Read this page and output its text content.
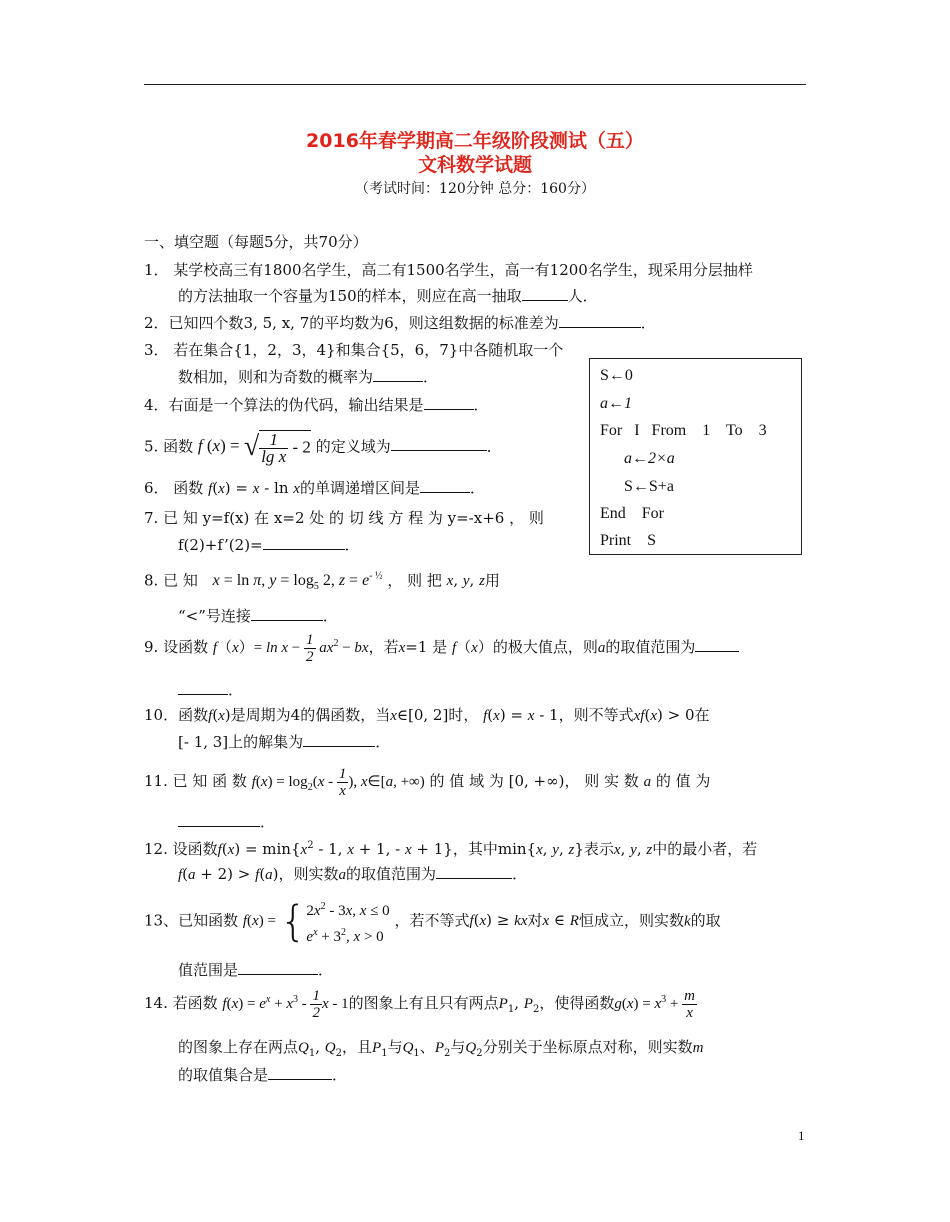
2016年春学期高二年级阶段测试（五）
文科数学试题
（考试时间：120分钟 总分：160分）
一、填空题（每题5分，共70分）
1． 某学校高三有1800名学生，高二有1500名学生，高一有1200名学生，现采用分层抽样
的方法抽取一个容量为150的样本，则应在高一抽取	人．
2．已知四个数3, 5, x, 7的平均数为6，则这组数据的标准差为	．
3． 若在集合{1，2，3，4}和集合{5，6，7}中各随机取一个
数相加，则和为奇数的概率为	．
4．右面是一个算法的伪代码，输出结果是	．
5. 函数 f (x) = √ $\frac{1}{\text{lg x}} - 2$ 的定义域为	．
6． 函数 f(x) = x - ln x的单调递增区间是	．
7. 已 知 y=f(x) 在 x=2 处 的 切 线 方 程 为 y=-x+6 ， 则
f(2)+f’(2)=	．
8. 已 知 x = ln π, $y = \log_5 2$, $z = e^{- \frac{1}{2}}$ ， 则 把 x, y, z用
“<”号连接	．
9. 设函数 $f(x)= \ln x - \frac{1}{2} ax^2$ − bx，若x=1 是 f（x）的极大值点，则a的取值范围为
．
10．函数f(x)是周期为4的偶函数，当x∈[0, 2]时， f(x) = x - 1，则不等式xf(x) > 0在
[- 1, 3]上的解集为	．
11. 已 知 函 数 $f(x) = \log_2(x - \frac{1}{x}$ ), x∈[a, +∞) 的 值 域 为 [0, +∞)， 则 实 数 a 的 值 为
．
12. 设函数$f(x) = \min\{x^2 - 1$, x + 1, - x + 1}，其中min{x, y, z}表示x, y, z中的最小者，若
f(a + 2) > f(a)，则实数a的取值范围为	．
13、已知函数 f(x) = { $2x^2 - 3x$, x ≤ 0
$e^x + 3^2$, x > 0
，若不等式f(x) ≥ kx对x ∈ R恒成立，则实数k的取
值范围是	．
14. 若函数 $f(x) = e^x + x^3 - \frac{1}{2}$ x - 1的图象上有且只有两点$P_1$, $P_2$，使得函数$g(x) = x^3 + \frac{m}{x}$
的图象上存在两点$Q_1$, $Q_2$，且$P_1$与$Q_1$、$P_2$与$Q_2$分别关于坐标原点对称，则实数m
的取值集合是	．
S←0
a←1
For   I   From    1    To    3
a←2×a
S←S+a
End    For
Print    S
1
